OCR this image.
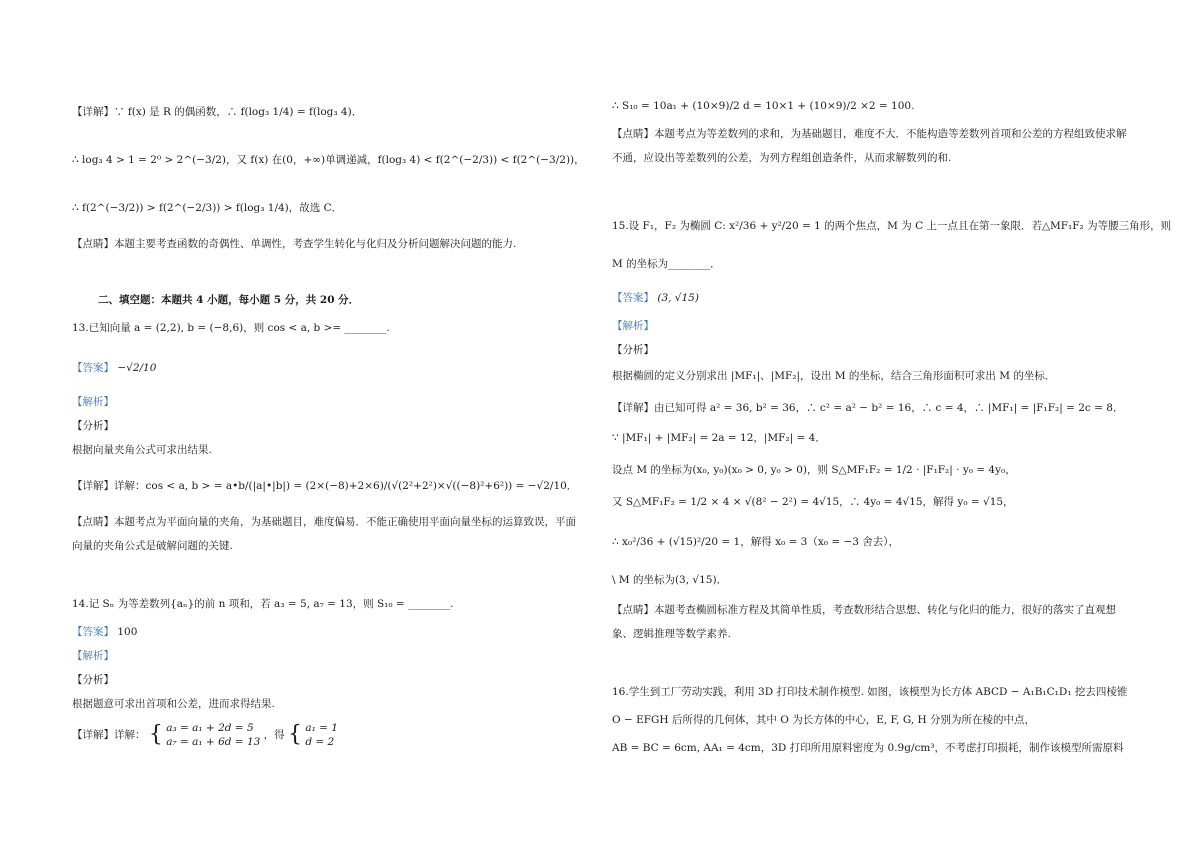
【详解】∵ f(x) 是 R 的偶函数，∴ f(log₃ 1/4) = f(log₃ 4)．
∴ log₃ 4 > 1 = 2⁰ > 2^(−3/2)，又 f(x) 在(0，+∞)单调递减，f(log₃ 4) < f(2^(−2/3)) < f(2^(−3/2))，
∴ f(2^(−3/2)) > f(2^(−2/3)) > f(log₃ 1/4)，故选 C．
【点睛】本题主要考查函数的奇偶性、单调性，考查学生转化与化归及分析问题解决问题的能力.
二、填空题：本题共 4 小题，每小题 5 分，共 20 分．
13.已知向量 a = (2,2), b = (−8,6)，则 cos < a, b >= ________.
【答案】 −√2/10
【解析】
【分析】
根据向量夹角公式可求出结果.
【详解】详解：cos < a, b > = a•b/(|a|•|b|) = (2×(−8)+2×6)/(√(2²+2²)×√((−8)²+6²)) = −√2/10．
【点睛】本题考点为平面向量的夹角，为基础题目，难度偏易．不能正确使用平面向量坐标的运算致误，平面
向量的夹角公式是破解问题的关键.
14.记 Sₙ 为等差数列{aₙ}的前 n 项和，若 a₃ = 5, a₇ = 13，则 S₁₀ = ________.
【答案】 100
【解析】
【分析】
根据题意可求出首项和公差，进而求得结果.
【详解】详解： { a₃ = a₁ + 2d = 5
a₇ = a₁ + 6d = 13
，得 { a₁ = 1
d = 2
∴ S₁₀ = 10a₁ + (10×9)/2 d = 10×1 + (10×9)/2 ×2 = 100.
【点睛】本题考点为等差数列的求和，为基础题目，难度不大．不能构造等差数列首项和公差的方程组致使求解
不通，应设出等差数列的公差，为列方程组创造条件，从而求解数列的和.
15.设 F₁，F₂ 为椭圆 C: x²/36 + y²/20 = 1 的两个焦点，M 为 C 上一点且在第一象限．若△MF₁F₂ 为等腰三角形，则
M 的坐标为________．
【答案】 (3, √15)
【解析】
【分析】
根据椭圆的定义分别求出 |MF₁|、|MF₂|，设出 M 的坐标，结合三角形面积可求出 M 的坐标．
【详解】由已知可得 a² = 36, b² = 36，∴ c² = a² − b² = 16，∴ c = 4，∴ |MF₁| = |F₁F₂| = 2c = 8．
∵ |MF₁| + |MF₂| = 2a = 12，|MF₂| = 4．
设点 M 的坐标为(x₀, y₀)(x₀ > 0, y₀ > 0)，则 S△MF₁F₂ = 1/2 · |F₁F₂| · y₀ = 4y₀，
又 S△MF₁F₂ = 1/2 × 4 × √(8² − 2²) = 4√15，∴ 4y₀ = 4√15，解得 y₀ = √15，
∴ x₀²/36 + (√15)²/20 = 1，解得 x₀ = 3（x₀ = −3 舍去），
\ M 的坐标为(3, √15)．
【点睛】本题考查椭圆标准方程及其简单性质，考查数形结合思想、转化与化归的能力，很好的落实了直观想
象、逻辑推理等数学素养.
16.学生到工厂劳动实践，利用 3D 打印技术制作模型. 如图，该模型为长方体 ABCD − A₁B₁C₁D₁ 挖去四棱锥
O − EFGH 后所得的几何体，其中 O 为长方体的中心，E, F, G, H 分别为所在棱的中点，
AB = BC = 6cm, AA₁ = 4cm，3D 打印所用原料密度为 0.9g/cm³，不考虑打印损耗，制作该模型所需原料
